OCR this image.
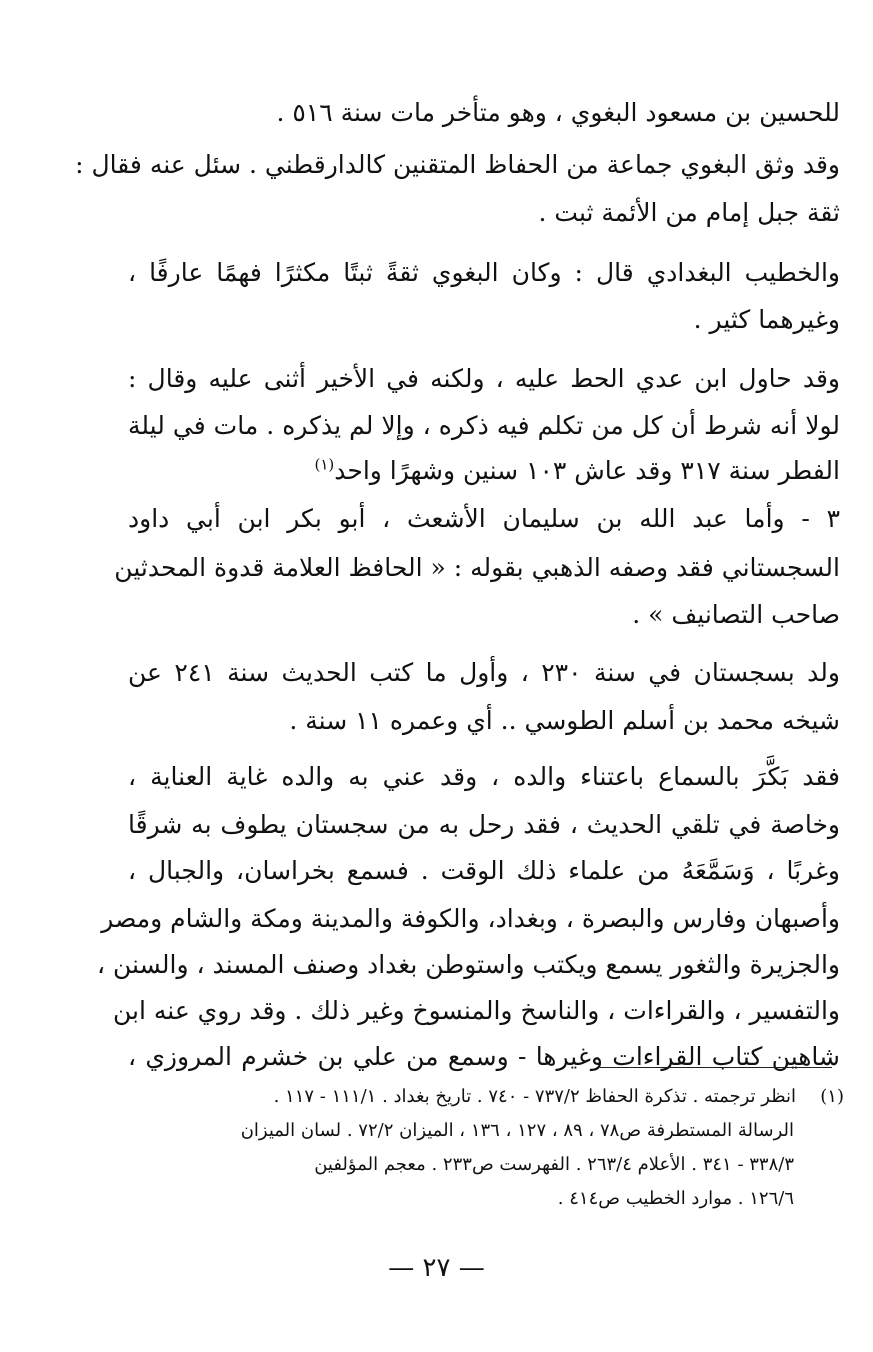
للحسين بن مسعود البغوي ، وهو متأخر مات سنة ٥١٦ .
وقد وثق البغوي جماعة من الحفاظ المتقنين كالدارقطني . سئل عنه فقال :
ثقة جبل إمام من الأئمة ثبت .
والخطيب البغدادي قال : وكان البغوي ثقةً ثبتًا مكثرًا فهمًا عارفًا ،
وغيرهما كثير .
وقد حاول ابن عدي الحط عليه ، ولكنه في الأخير أثنى عليه وقال :
لولا أنه شرط أن كل من تكلم فيه ذكره ، وإلا لم يذكره . مات في ليلة
الفطر سنة ٣١٧ وقد عاش ١٠٣ سنين وشهرًا واحد$^{(١)}$
٣ - وأما عبد الله بن سليمان الأشعث ، أبو بكر ابن أبي داود
السجستاني فقد وصفه الذهبي بقوله : « الحافظ العلامة قدوة المحدثين
صاحب التصانيف » .
ولد بسجستان في سنة ٢٣٠ ، وأول ما كتب الحديث سنة ٢٤١ عن
شيخه محمد بن أسلم الطوسي .. أي وعمره ١١ سنة .
فقد بَكَّرَ بالسماع باعتناء والده ، وقد عني به والده غاية العناية ،
وخاصة في تلقي الحديث ، فقد رحل به من سجستان يطوف به شرقًا
وغربًا ، وَسَمَّعَهُ من علماء ذلك الوقت . فسمع بخراسان، والجبال ،
وأصبهان وفارس والبصرة ، وبغداد، والكوفة والمدينة ومكة والشام ومصر
والجزيرة والثغور يسمع ويكتب واستوطن بغداد وصنف المسند ، والسنن ،
والتفسير ، والقراءات ، والناسخ والمنسوخ وغير ذلك . وقد روي عنه ابن
شاهين كتاب القراءات وغيرها - وسمع من علي بن خشرم المروزي ،
(١)انظر ترجمته . تذكرة الحفاظ ٧٣٧/٢ - ٧٤٠ . تاريخ بغداد . ١١١/١ - ١١٧ .
الرسالة المستطرفة ص٧٨ ، ٨٩ ، ١٢٧ ، ١٣٦ ، الميزان ٧٢/٢ . لسان الميزان
٣٣٨/٣ - ٣٤١ . الأعلام ٢٦٣/٤ . الفهرست ص٢٣٣ . معجم المؤلفين
١٢٦/٦ . موارد الخطيب ص٤١٤ .
— ٢٧ —
